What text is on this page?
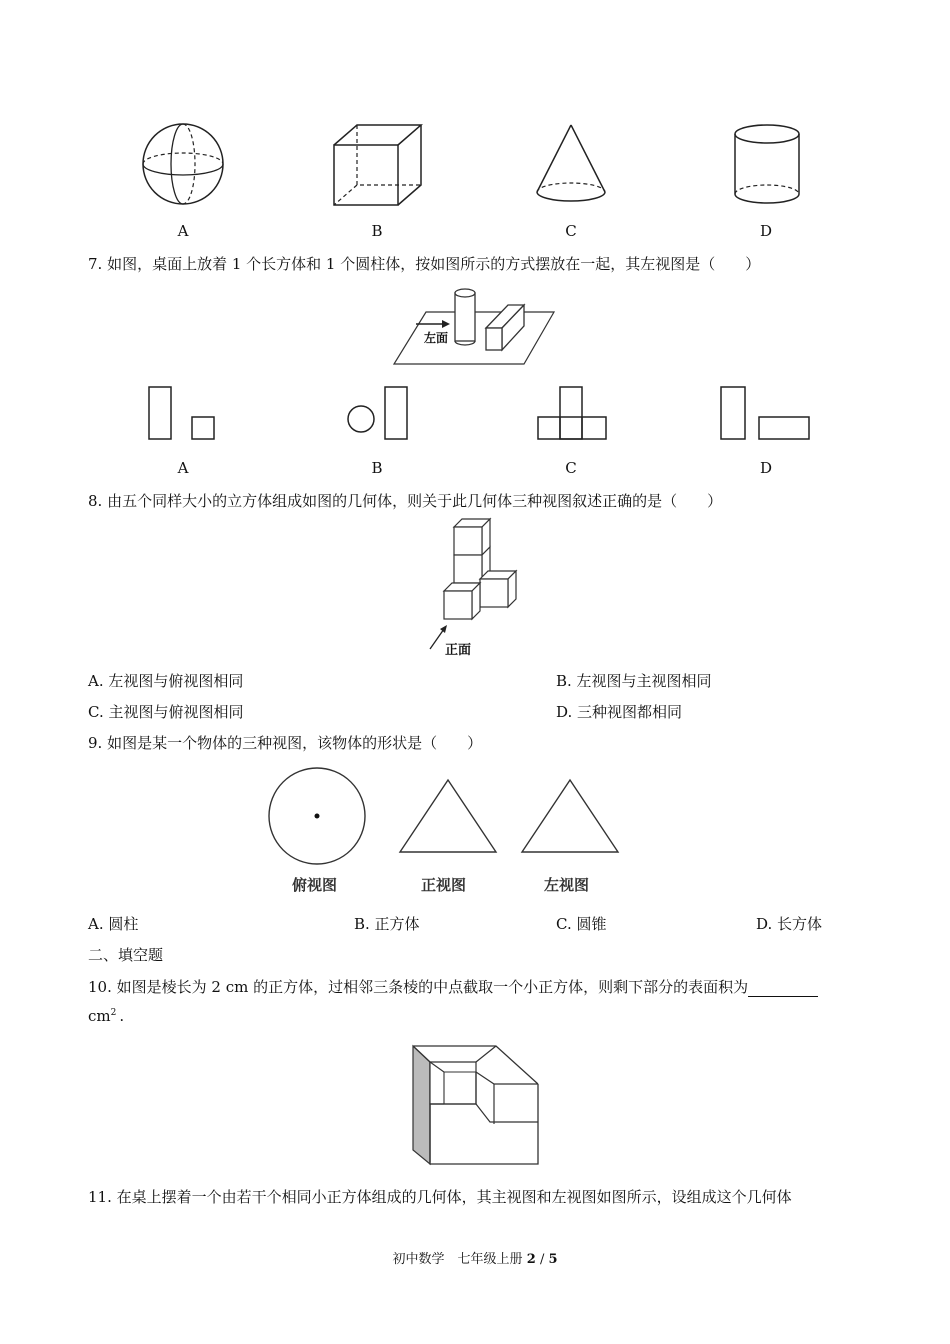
A	B	C	D
7. 如图，桌面上放着 1 个长方体和 1 个圆柱体，按如图所示的方式摆放在一起，其左视图是（　　）
左面
A	B	C	D
8. 由五个同样大小的立方体组成如图的几何体，则关于此几何体三种视图叙述正确的是（　　）
正面
A. 左视图与俯视图相同	B. 左视图与主视图相同
C. 主视图与俯视图相同	D. 三种视图都相同
9. 如图是某一个物体的三种视图，该物体的形状是（　　）
俯视图	正视图	左视图
A. 圆柱	B. 正方体	C. 圆锥	D. 长方体
二、填空题
10. 如图是棱长为 2 cm 的正方体，过相邻三条棱的中点截取一个小正方体，则剩下部分的表面积为
$cm^2$ .
11. 在桌上摆着一个由若干个相同小正方体组成的几何体，其主视图和左视图如图所示，设组成这个几何体
初中数学  七年级上册  2 / 5
